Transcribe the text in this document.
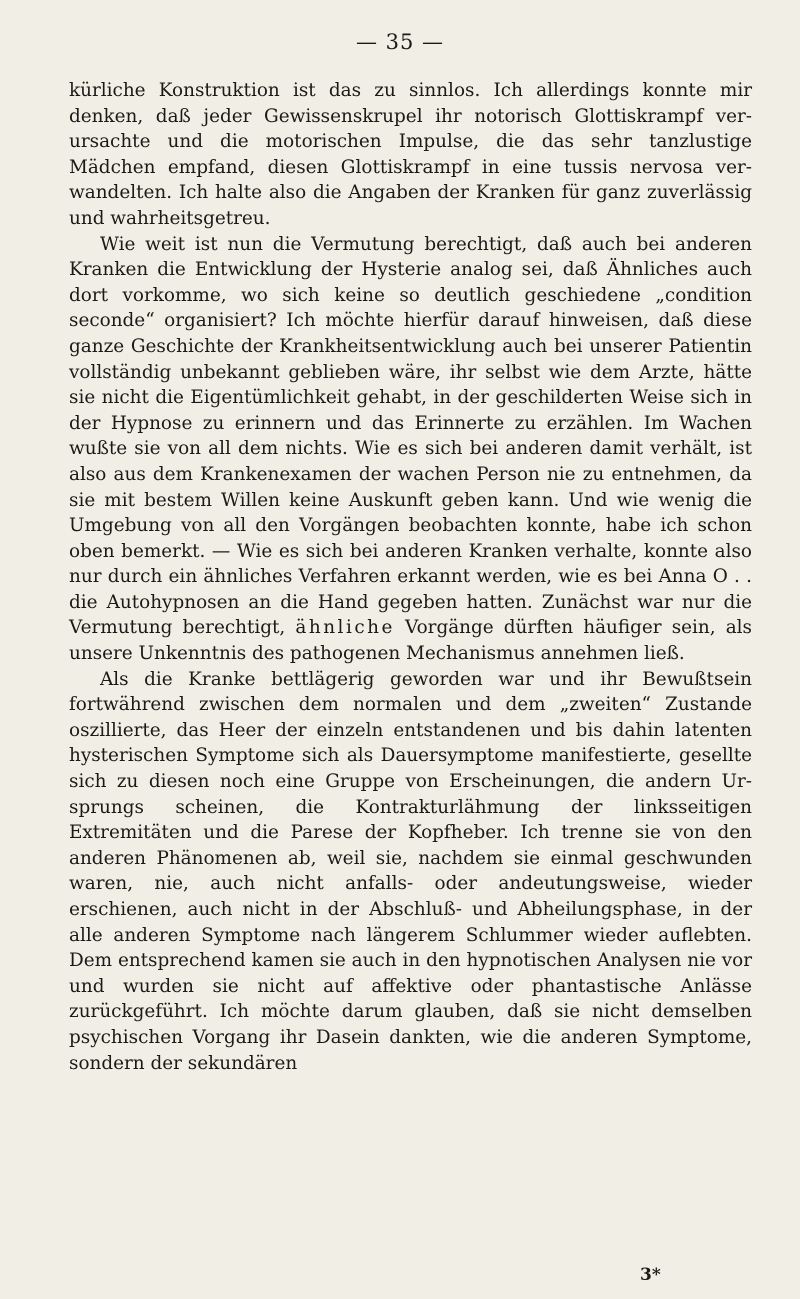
— 35 —

kürliche Konstruktion ist das zu sinnlos. Ich allerdings konnte mir denken, daß jeder Gewissenskrupel ihr notorisch Glottiskrampf verursachte und die motorischen Impulse, die das sehr tanzlustige Mädchen empfand, diesen Glottiskrampf in eine tussis nervosa verwandelten. Ich halte also die Angaben der Kranken für ganz zuverlässig und wahrheitsgetreu.

Wie weit ist nun die Vermutung berechtigt, daß auch bei anderen Kranken die Entwicklung der Hysterie analog sei, daß Ähnliches auch dort vorkomme, wo sich keine so deutlich geschiedene „condition seconde“ organisiert? Ich möchte hierfür darauf hinweisen, daß diese ganze Geschichte der Krankheitsentwicklung auch bei unserer Patientin vollständig unbekannt geblieben wäre, ihr selbst wie dem Arzte, hätte sie nicht die Eigentümlichkeit gehabt, in der geschilderten Weise sich in der Hypnose zu erinnern und das Erinnerte zu erzählen. Im Wachen wußte sie von all dem nichts. Wie es sich bei anderen damit verhält, ist also aus dem Krankenexamen der wachen Person nie zu entnehmen, da sie mit bestem Willen keine Auskunft geben kann. Und wie wenig die Umgebung von all den Vorgängen beobachten konnte, habe ich schon oben bemerkt. — Wie es sich bei anderen Kranken verhalte, konnte also nur durch ein ähnliches Verfahren erkannt werden, wie es bei Anna O . . die Autohypnosen an die Hand gegeben hatten. Zunächst war nur die Vermutung berechtigt, ähnliche Vorgänge dürften häufiger sein, als unsere Unkenntnis des pathogenen Mechanismus annehmen ließ.

Als die Kranke bettlägerig geworden war und ihr Bewußtsein fortwährend zwischen dem normalen und dem „zweiten“ Zustande oszillierte, das Heer der einzeln entstandenen und bis dahin latenten hysterischen Symptome sich als Dauersymptome manifestierte, gesellte sich zu diesen noch eine Gruppe von Erscheinungen, die andern Ursprungs scheinen, die Kontrakturlähmung der linksseitigen Extremitäten und die Parese der Kopfheber. Ich trenne sie von den anderen Phänomenen ab, weil sie, nachdem sie einmal geschwunden waren, nie, auch nicht anfalls- oder andeutungsweise, wieder erschienen, auch nicht in der Abschluß- und Abheilungsphase, in der alle anderen Symptome nach längerem Schlummer wieder auflebten. Dem entsprechend kamen sie auch in den hypnotischen Analysen nie vor und wurden sie nicht auf affektive oder phantastische Anlässe zurückgeführt. Ich möchte darum glauben, daß sie nicht demselben psychischen Vorgang ihr Dasein dankten, wie die anderen Symptome, sondern der sekundären

3*
